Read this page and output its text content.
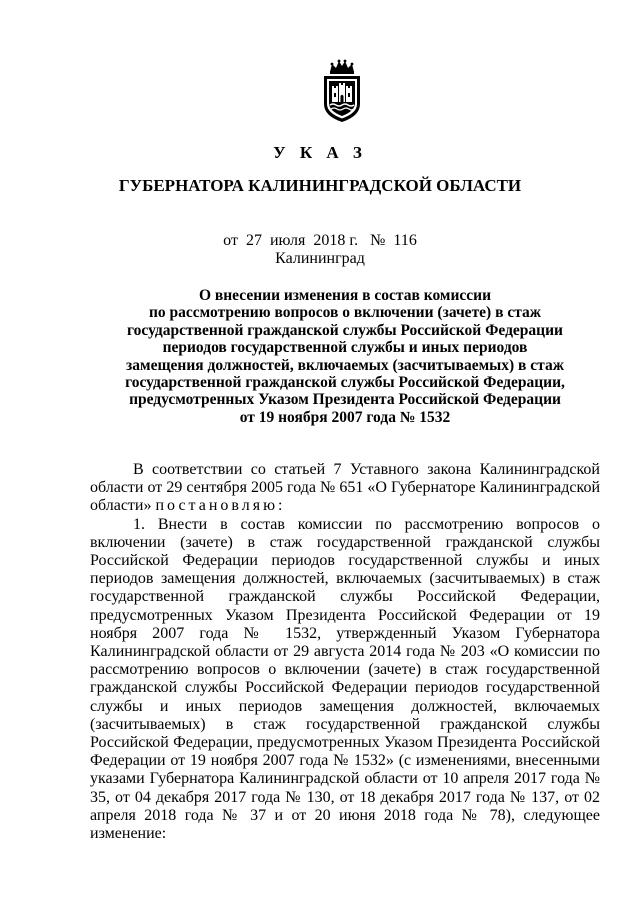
У К А З
ГУБЕРНАТОРА КАЛИНИНГРАДСКОЙ ОБЛАСТИ
от  27  июля  2018 г.   №  116
Калининград
О внесении изменения в состав комиссии
по рассмотрению вопросов о включении (зачете) в стаж
государственной гражданской службы Российской Федерации
периодов государственной службы и иных периодов
замещения должностей, включаемых (засчитываемых) в стаж
государственной гражданской службы Российской Федерации,
предусмотренных Указом Президента Российской Федерации
от 19 ноября 2007 года № 1532

В соответствии со статьей 7 Уставного закона Калининградской области от 29 сентября 2005 года № 651 «О Губернаторе Калининградской области» постановляю:

1. Внести в состав комиссии по рассмотрению вопросов о включении (зачете) в стаж государственной гражданской службы Российской Федерации периодов государственной службы и иных периодов замещения должностей, включаемых (засчитываемых) в стаж государственной гражданской службы Российской Федерации, предусмотренных Указом Президента Российской Федерации от 19 ноября 2007 года № 1532, утвержденный Указом Губернатора Калининградской области от 29 августа 2014 года № 203 «О комиссии по рассмотрению вопросов о включении (зачете) в стаж государственной гражданской службы Российской Федерации периодов государственной службы и иных периодов замещения должностей, включаемых (засчитываемых) в стаж государственной гражданской службы Российской Федерации, предусмотренных Указом Президента Российской Федерации от 19 ноября 2007 года № 1532» (с изменениями, внесенными указами Губернатора Калининградской области от 10 апреля 2017 года № 35, от 04 декабря 2017 года № 130, от 18 декабря 2017 года № 137, от 02 апреля 2018 года № 37 и от 20 июня 2018 года № 78), следующее изменение:
